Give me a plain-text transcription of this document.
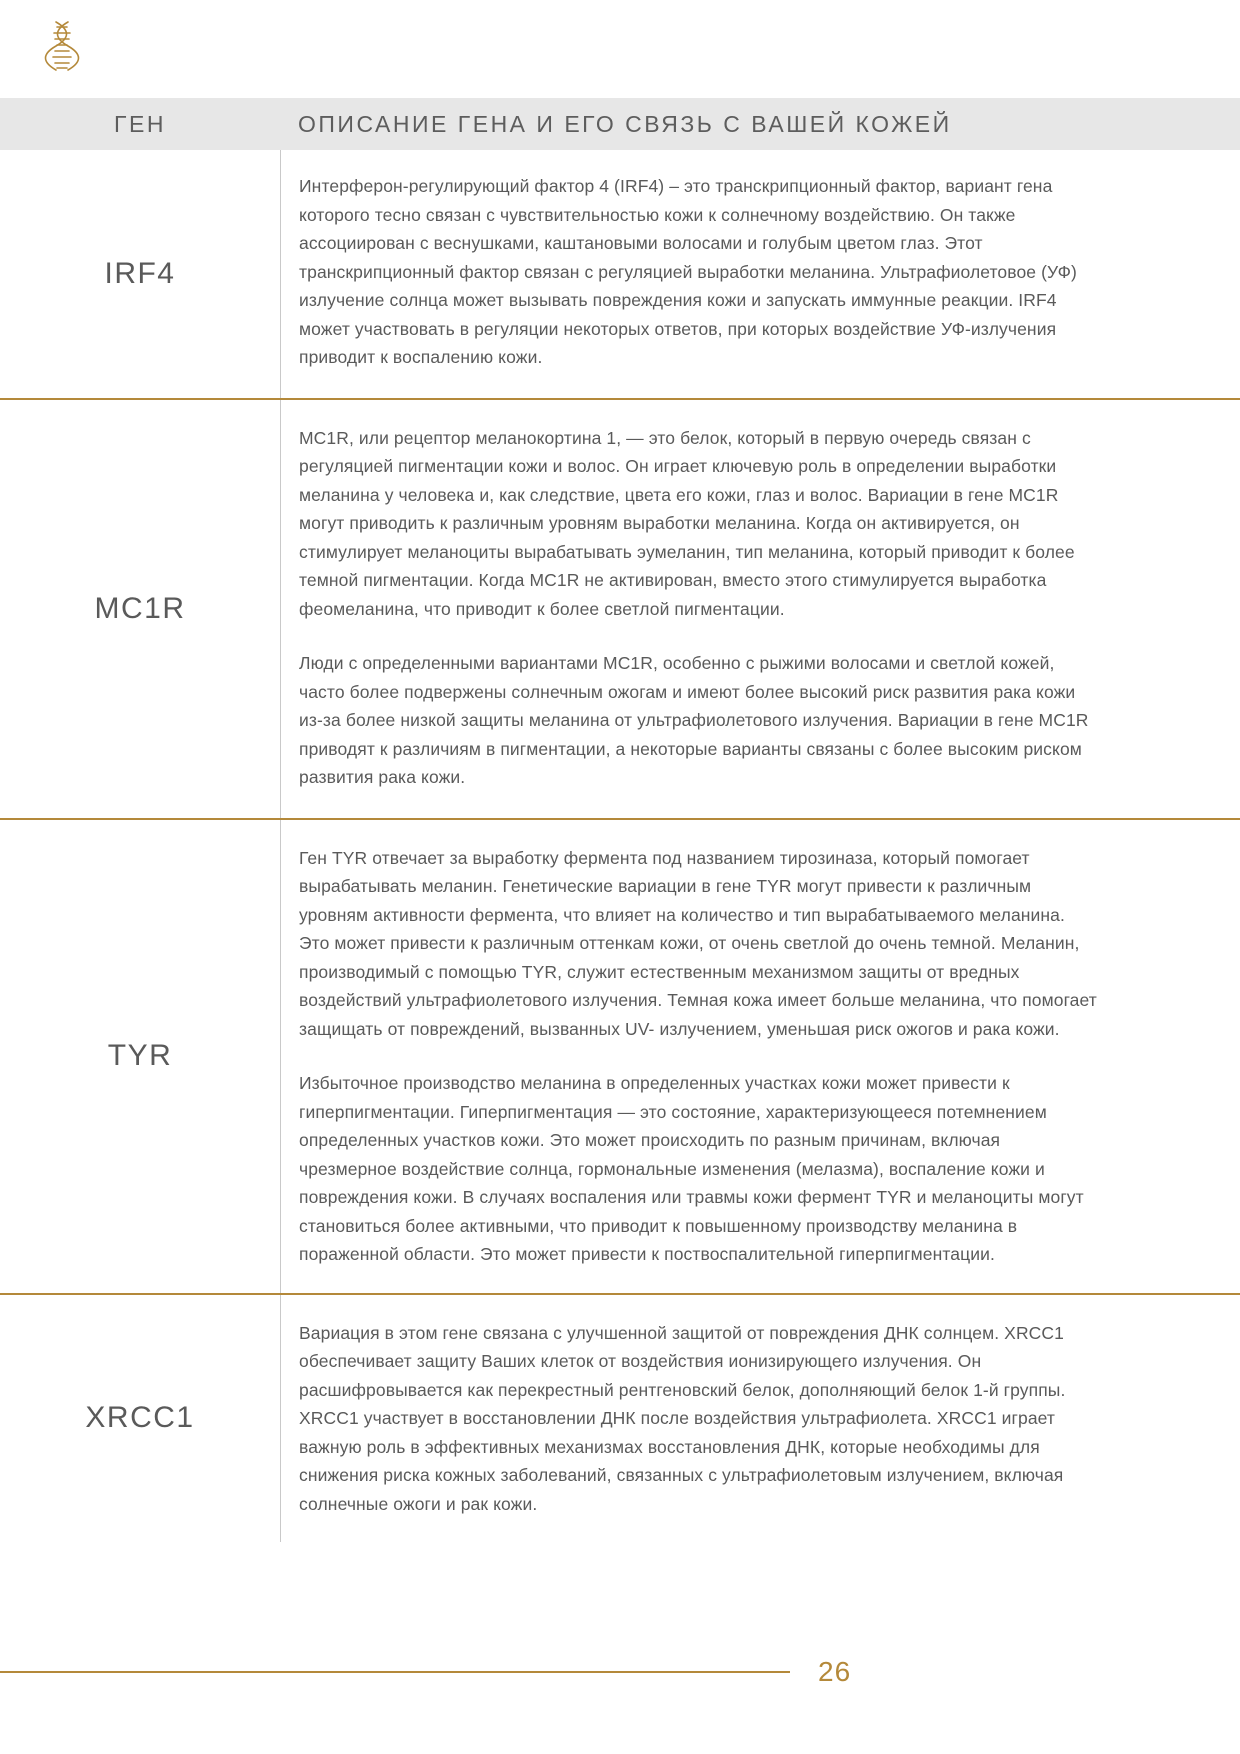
ГЕН	ОПИСАНИЕ ГЕНА И ЕГО СВЯЗЬ С ВАШЕЙ КОЖЕЙ
IRF4

Интерферон-регулирующий фактор 4 (IRF4) – это транскрипционный фактор, вариант гена которого тесно связан с чувствительностью кожи к солнечному воздействию. Он также ассоциирован с веснушками, каштановыми волосами и голубым цветом глаз. Этот транскрипционный фактор связан с регуляцией выработки меланина. Ультрафиолетовое (УФ) излучение солнца может вызывать повреждения кожи и запускать иммунные реакции. IRF4 может участвовать в регуляции некоторых ответов, при которых воздействие УФ-излучения приводит к воспалению кожи.

MC1R

MC1R, или рецептор меланокортина 1, — это белок, который в первую очередь связан с регуляцией пигментации кожи и волос. Он играет ключевую роль в определении выработки меланина у человека и, как следствие, цвета его кожи, глаз и волос. Вариации в гене MC1R могут приводить к различным уровням выработки меланина. Когда он активируется, он стимулирует меланоциты вырабатывать эумеланин, тип меланина, который приводит к более темной пигментации. Когда MC1R не активирован, вместо этого стимулируется выработка феомеланина, что приводит к более светлой пигментации.

Люди с определенными вариантами MC1R, особенно с рыжими волосами и светлой кожей, часто более подвержены солнечным ожогам и имеют более высокий риск развития рака кожи из-за более низкой защиты меланина от ультрафиолетового излучения. Вариации в гене MC1R приводят к различиям в пигментации, а некоторые варианты связаны с более высоким риском развития рака кожи.

TYR

Ген TYR отвечает за выработку фермента под названием тирозиназа, который помогает вырабатывать меланин. Генетические вариации в гене TYR могут привести к различным уровням активности фермента, что влияет на количество и тип вырабатываемого меланина. Это может привести к различным оттенкам кожи, от очень светлой до очень темной. Меланин, производимый с помощью TYR, служит естественным механизмом защиты от вредных воздействий ультрафиолетового излучения. Темная кожа имеет больше меланина, что помогает защищать от повреждений, вызванных UV- излучением, уменьшая риск ожогов и рака кожи.

Избыточное производство меланина в определенных участках кожи может привести к гиперпигментации. Гиперпигментация — это состояние, характеризующееся потемнением определенных участков кожи. Это может происходить по разным причинам, включая чрезмерное воздействие солнца, гормональные изменения (мелазма), воспаление кожи и повреждения кожи. В случаях воспаления или травмы кожи фермент TYR и меланоциты могут становиться более активными, что приводит к повышенному производству меланина в пораженной области. Это может привести к поствоспалительной гиперпигментации.

XRCC1

Вариация в этом гене связана с улучшенной защитой от повреждения ДНК солнцем. XRCC1 обеспечивает защиту Ваших клеток от воздействия ионизирующего излучения. Он расшифровывается как перекрестный рентгеновский белок, дополняющий белок 1-й группы. XRCC1 участвует в восстановлении ДНК после воздействия ультрафиолета. XRCC1 играет важную роль в эффективных механизмах восстановления ДНК, которые необходимы для снижения риска кожных заболеваний, связанных с ультрафиолетовым излучением, включая солнечные ожоги и рак кожи.

26
